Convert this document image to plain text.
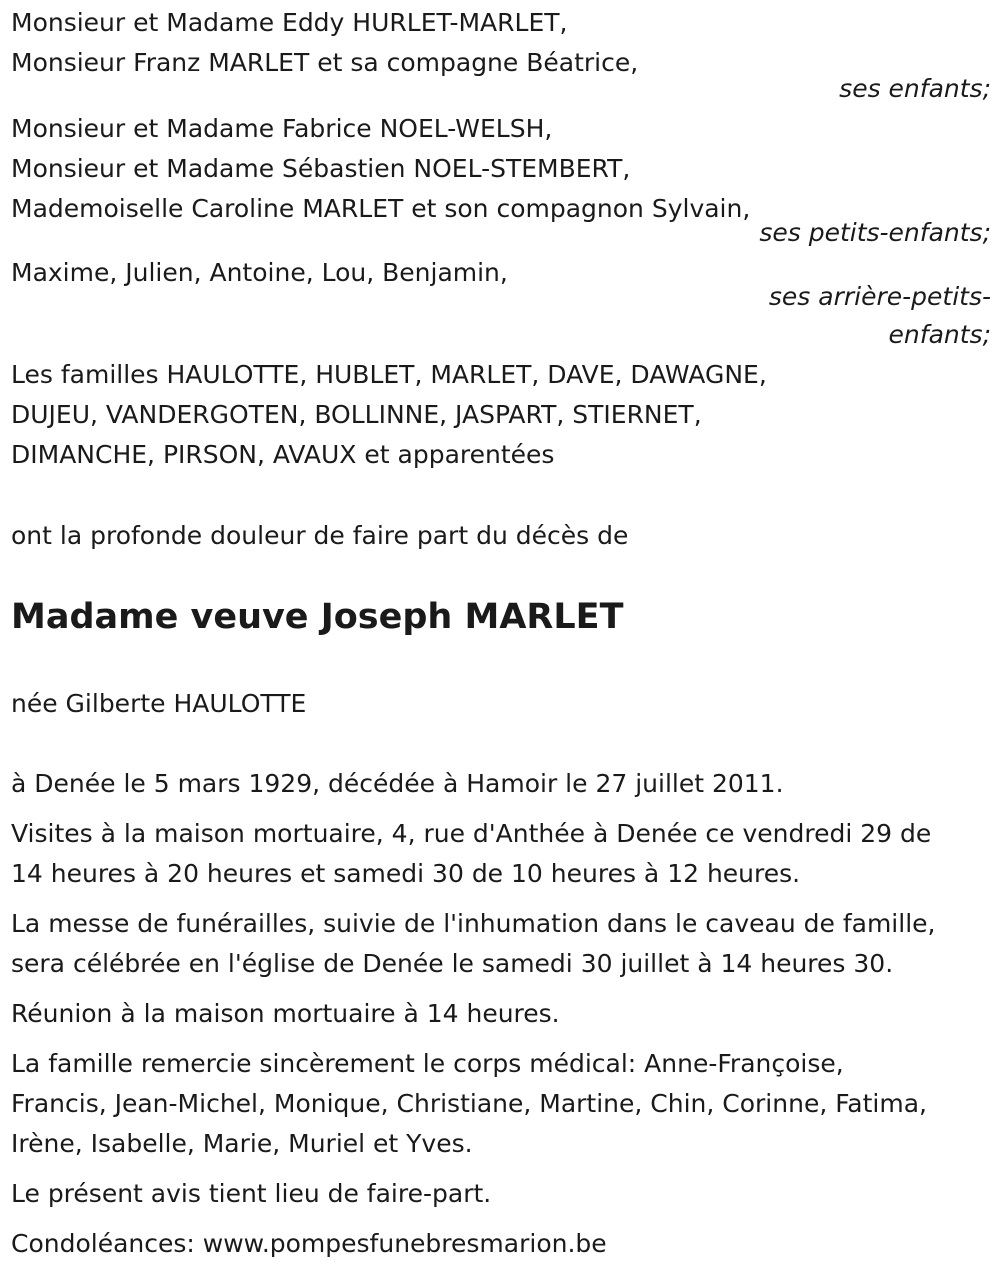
Monsieur et Madame Eddy HURLET-MARLET,
Monsieur Franz MARLET et sa compagne Béatrice,
ses enfants;
Monsieur et Madame Fabrice NOEL-WELSH,
Monsieur et Madame Sébastien NOEL-STEMBERT,
Mademoiselle Caroline MARLET et son compagnon Sylvain,
ses petits-enfants;
Maxime, Julien, Antoine, Lou, Benjamin,
ses arrière-petits-
enfants;
Les familles HAULOTTE, HUBLET, MARLET, DAVE, DAWAGNE,
DUJEU, VANDERGOTEN, BOLLINNE, JASPART, STIERNET,
DIMANCHE, PIRSON, AVAUX et apparentées
ont la profonde douleur de faire part du décès de
Madame veuve Joseph MARLET
née Gilberte HAULOTTE
à Denée le 5 mars 1929, décédée à Hamoir le 27 juillet 2011.
Visites à la maison mortuaire, 4, rue d'Anthée à Denée ce vendredi 29 de
14 heures à 20 heures et samedi 30 de 10 heures à 12 heures.
La messe de funérailles, suivie de l'inhumation dans le caveau de famille,
sera célébrée en l'église de Denée le samedi 30 juillet à 14 heures 30.
Réunion à la maison mortuaire à 14 heures.
La famille remercie sincèrement le corps médical: Anne-Françoise,
Francis, Jean-Michel, Monique, Christiane, Martine, Chin, Corinne, Fatima,
Irène, Isabelle, Marie, Muriel et Yves.
Le présent avis tient lieu de faire-part.
Condoléances: www.pompesfunebresmarion.be
